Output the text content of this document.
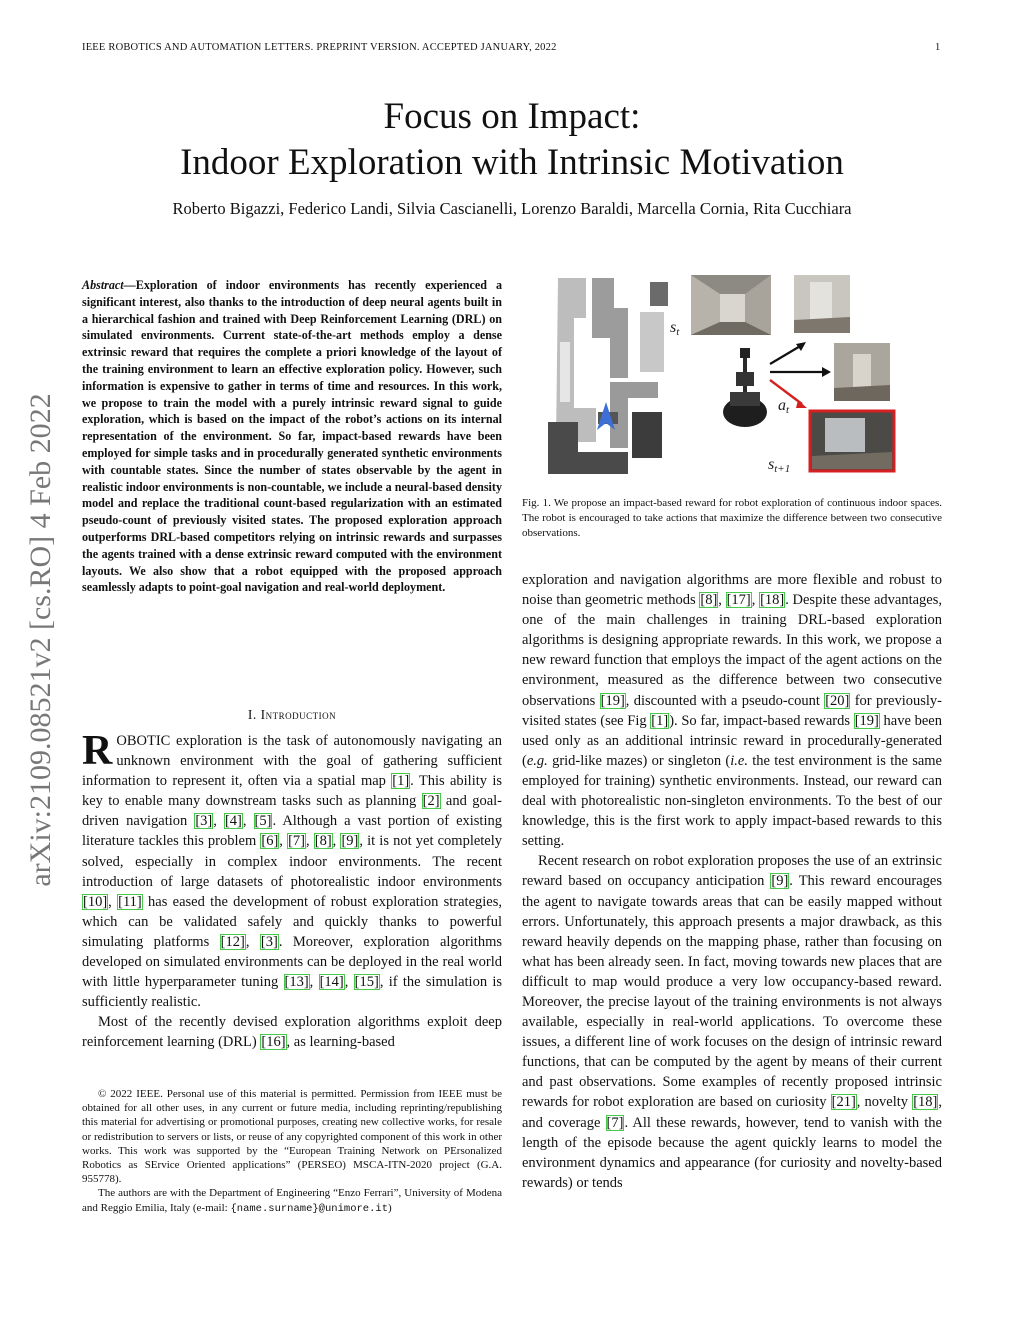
IEEE ROBOTICS AND AUTOMATION LETTERS. PREPRINT VERSION. ACCEPTED JANUARY, 2022	1
Focus on Impact:
Indoor Exploration with Intrinsic Motivation
Roberto Bigazzi, Federico Landi, Silvia Cascianelli, Lorenzo Baraldi, Marcella Cornia, Rita Cucchiara
arXiv:2109.08521v2 [cs.RO] 4 Feb 2022
Abstract—Exploration of indoor environments has recently experienced a significant interest, also thanks to the introduction of deep neural agents built in a hierarchical fashion and trained with Deep Reinforcement Learning (DRL) on simulated environments. Current state-of-the-art methods employ a dense extrinsic reward that requires the complete a priori knowledge of the layout of the training environment to learn an effective exploration policy. However, such information is expensive to gather in terms of time and resources. In this work, we propose to train the model with a purely intrinsic reward signal to guide exploration, which is based on the impact of the robot’s actions on its internal representation of the environment. So far, impact-based rewards have been employed for simple tasks and in procedurally generated synthetic environments with countable states. Since the number of states observable by the agent in realistic indoor environments is non-countable, we include a neural-based density model and replace the traditional count-based regularization with an estimated pseudo-count of previously visited states. The proposed exploration approach outperforms DRL-based competitors relying on intrinsic rewards and surpasses the agents trained with a dense extrinsic reward computed with the environment layouts. We also show that a robot equipped with the proposed approach seamlessly adapts to point-goal navigation and real-world deployment.
I. Introduction

ROBOTIC exploration is the task of autonomously navigating an unknown environment with the goal of gathering sufficient information to represent it, often via a spatial map [1]. This ability is key to enable many downstream tasks such as planning [2] and goal-driven navigation [3], [4], [5]. Although a vast portion of existing literature tackles this problem [6], [7], [8], [9], it is not yet completely solved, especially in complex indoor environments. The recent introduction of large datasets of photorealistic indoor environments [10], [11] has eased the development of robust exploration strategies, which can be validated safely and quickly thanks to powerful simulating platforms [12], [3]. Moreover, exploration algorithms developed on simulated environments can be deployed in the real world with little hyperparameter tuning [13], [14], [15], if the simulation is sufficiently realistic.

Most of the recently devised exploration algorithms exploit deep reinforcement learning (DRL) [16], as learning-based

© 2022 IEEE. Personal use of this material is permitted. Permission from IEEE must be obtained for all other uses, in any current or future media, including reprinting/republishing this material for advertising or promotional purposes, creating new collective works, for resale or redistribution to servers or lists, or reuse of any copyrighted component of this work in other works. This work was supported by the “European Training Network on PErsonalized Robotics as SErvice Oriented applications” (PERSEO) MSCA-ITN-2020 project (G.A. 955778).

The authors are with the Department of Engineering “Enzo Ferrari”, University of Modena and Reggio Emilia, Italy (e-mail: {name.surname}@unimore.it)

st
at
st+1
Fig. 1. We propose an impact-based reward for robot exploration of continuous indoor spaces. The robot is encouraged to take actions that maximize the difference between two consecutive observations.

exploration and navigation algorithms are more flexible and robust to noise than geometric methods [8], [17], [18]. Despite these advantages, one of the main challenges in training DRL-based exploration algorithms is designing appropriate rewards. In this work, we propose a new reward function that employs the impact of the agent actions on the environment, measured as the difference between two consecutive observations [19], discounted with a pseudo-count [20] for previously-visited states (see Fig [1]). So far, impact-based rewards [19] have been used only as an additional intrinsic reward in procedurally-generated (e.g. grid-like mazes) or singleton (i.e. the test environment is the same employed for training) synthetic environments. Instead, our reward can deal with photorealistic non-singleton environments. To the best of our knowledge, this is the first work to apply impact-based rewards to this setting.

Recent research on robot exploration proposes the use of an extrinsic reward based on occupancy anticipation [9]. This reward encourages the agent to navigate towards areas that can be easily mapped without errors. Unfortunately, this approach presents a major drawback, as this reward heavily depends on the mapping phase, rather than focusing on what has been already seen. In fact, moving towards new places that are difficult to map would produce a very low occupancy-based reward. Moreover, the precise layout of the training environments is not always available, especially in real-world applications. To overcome these issues, a different line of work focuses on the design of intrinsic reward functions, that can be computed by the agent by means of their current and past observations. Some examples of recently proposed intrinsic rewards for robot exploration are based on curiosity [21], novelty [18], and coverage [7]. All these rewards, however, tend to vanish with the length of the episode because the agent quickly learns to model the environment dynamics and appearance (for curiosity and novelty-based rewards) or tends
